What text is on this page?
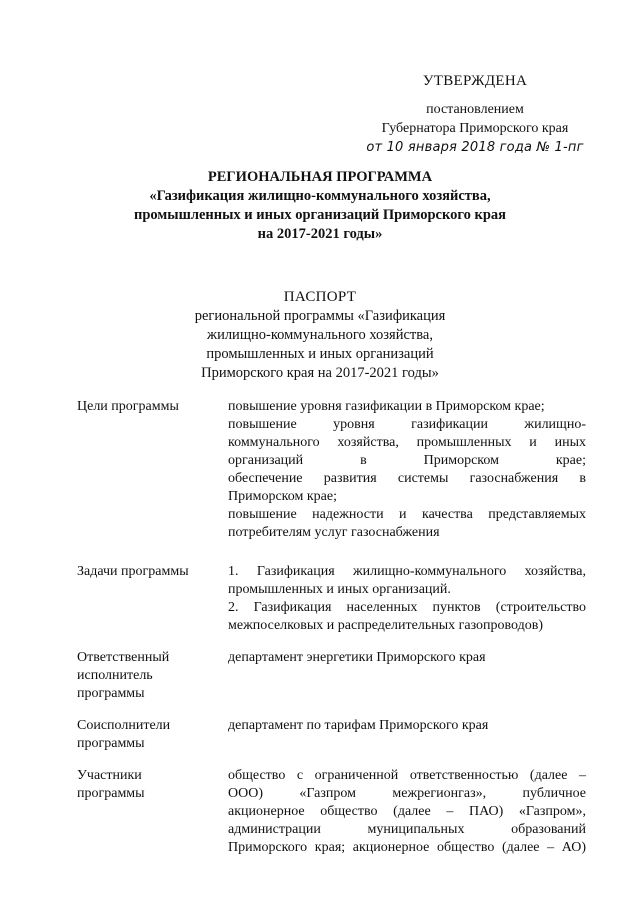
УТВЕРЖДЕНА
постановлением
Губернатора Приморского края
от 10 января 2018 года № 1-пг
РЕГИОНАЛЬНАЯ ПРОГРАММА
«Газификация жилищно-коммунального хозяйства,
промышленных и иных организаций Приморского края
на 2017-2021 годы»
ПАСПОРТ
региональной программы «Газификация
жилищно-коммунального хозяйства,
промышленных и иных организаций
Приморского края на 2017-2021 годы»
Цели программы	повышение уровня газификации в Приморском крае;

повышение уровня газификации жилищно-

коммунального хозяйства, промышленных и иных

организаций в Приморском крае;

обеспечение развития системы газоснабжения в

Приморском крае;

повышение надежности и качества представляемых

потребителям услуг газоснабжения

Задачи программы	1. Газификация жилищно-коммунального хозяйства,

промышленных и иных организаций.

2. Газификация населенных пунктов (строительство

межпоселковых и распределительных газопроводов)

Ответственный
исполнитель
программы

департамент энергетики Приморского края

Соисполнители
программы

департамент по тарифам Приморского края

Участники
программы

общество с ограниченной ответственностью (далее –

ООО) «Газпром межрегионгаз», публичное

акционерное общество (далее – ПАО) «Газпром»,

администрации муниципальных образований

Приморского края; акционерное общество (далее – АО)
